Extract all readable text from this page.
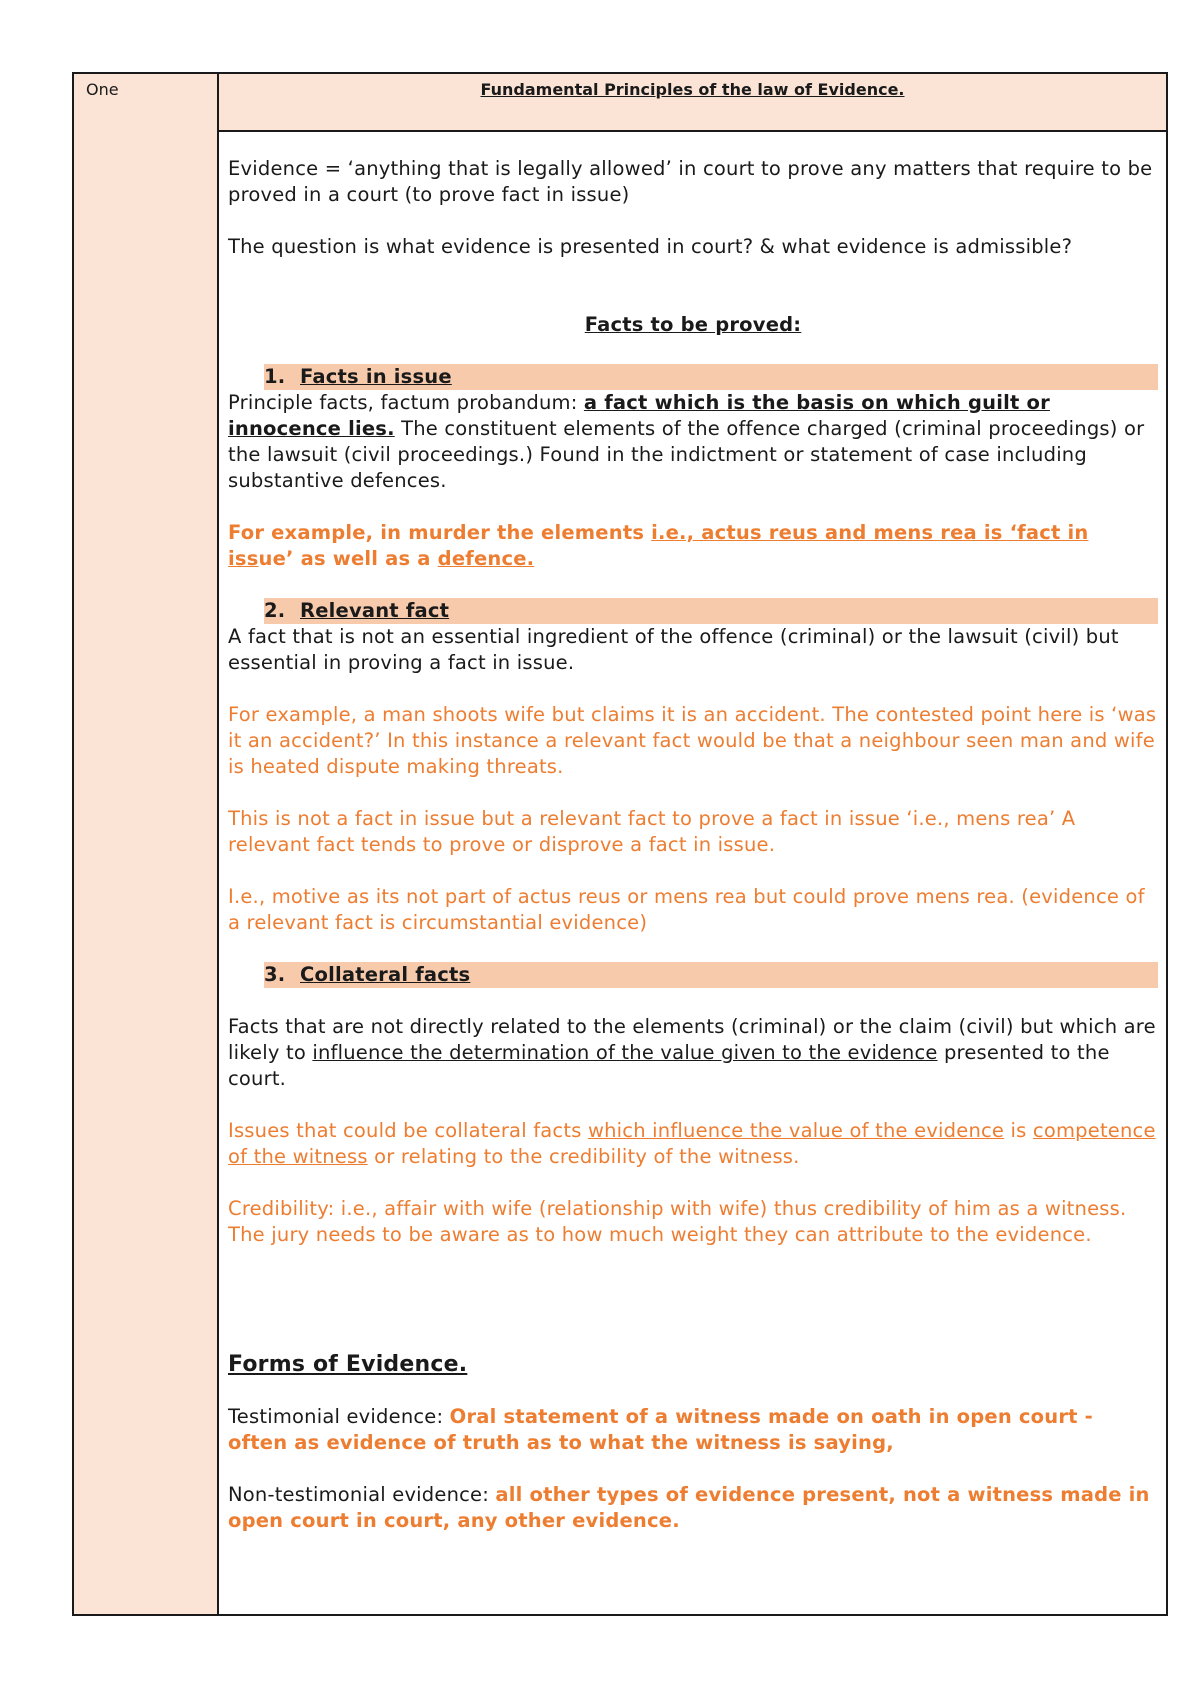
One	Fundamental Principles of the law of Evidence.

Evidence = ‘anything that is legally allowed’ in court to prove any matters that require to be proved in a court (to prove fact in issue)

The question is what evidence is presented in court? & what evidence is admissible?

Facts to be proved:

1. Facts in issue

Principle facts, factum probandum: a fact which is the basis on which guilt or innocence lies. The constituent elements of the offence charged (criminal proceedings) or the lawsuit (civil proceedings.) Found in the indictment or statement of case including substantive defences.

For example, in murder the elements i.e., actus reus and mens rea is ‘fact in issue’ as well as a defence.

2. Relevant fact

A fact that is not an essential ingredient of the offence (criminal) or the lawsuit (civil) but essential in proving a fact in issue.

For example, a man shoots wife but claims it is an accident. The contested point here is ‘was it an accident?’ In this instance a relevant fact would be that a neighbour seen man and wife is heated dispute making threats.

This is not a fact in issue but a relevant fact to prove a fact in issue ‘i.e., mens rea’ A relevant fact tends to prove or disprove a fact in issue.

I.e., motive as its not part of actus reus or mens rea but could prove mens rea. (evidence of a relevant fact is circumstantial evidence)

3. Collateral facts

Facts that are not directly related to the elements (criminal) or the claim (civil) but which are likely to influence the determination of the value given to the evidence presented to the court.

Issues that could be collateral facts which influence the value of the evidence is competence of the witness or relating to the credibility of the witness.

Credibility: i.e., affair with wife (relationship with wife) thus credibility of him as a witness. The jury needs to be aware as to how much weight they can attribute to the evidence.

Forms of Evidence.

Testimonial evidence: Oral statement of a witness made on oath in open court - often as evidence of truth as to what the witness is saying,

Non-testimonial evidence: all other types of evidence present, not a witness made in open court in court, any other evidence.
